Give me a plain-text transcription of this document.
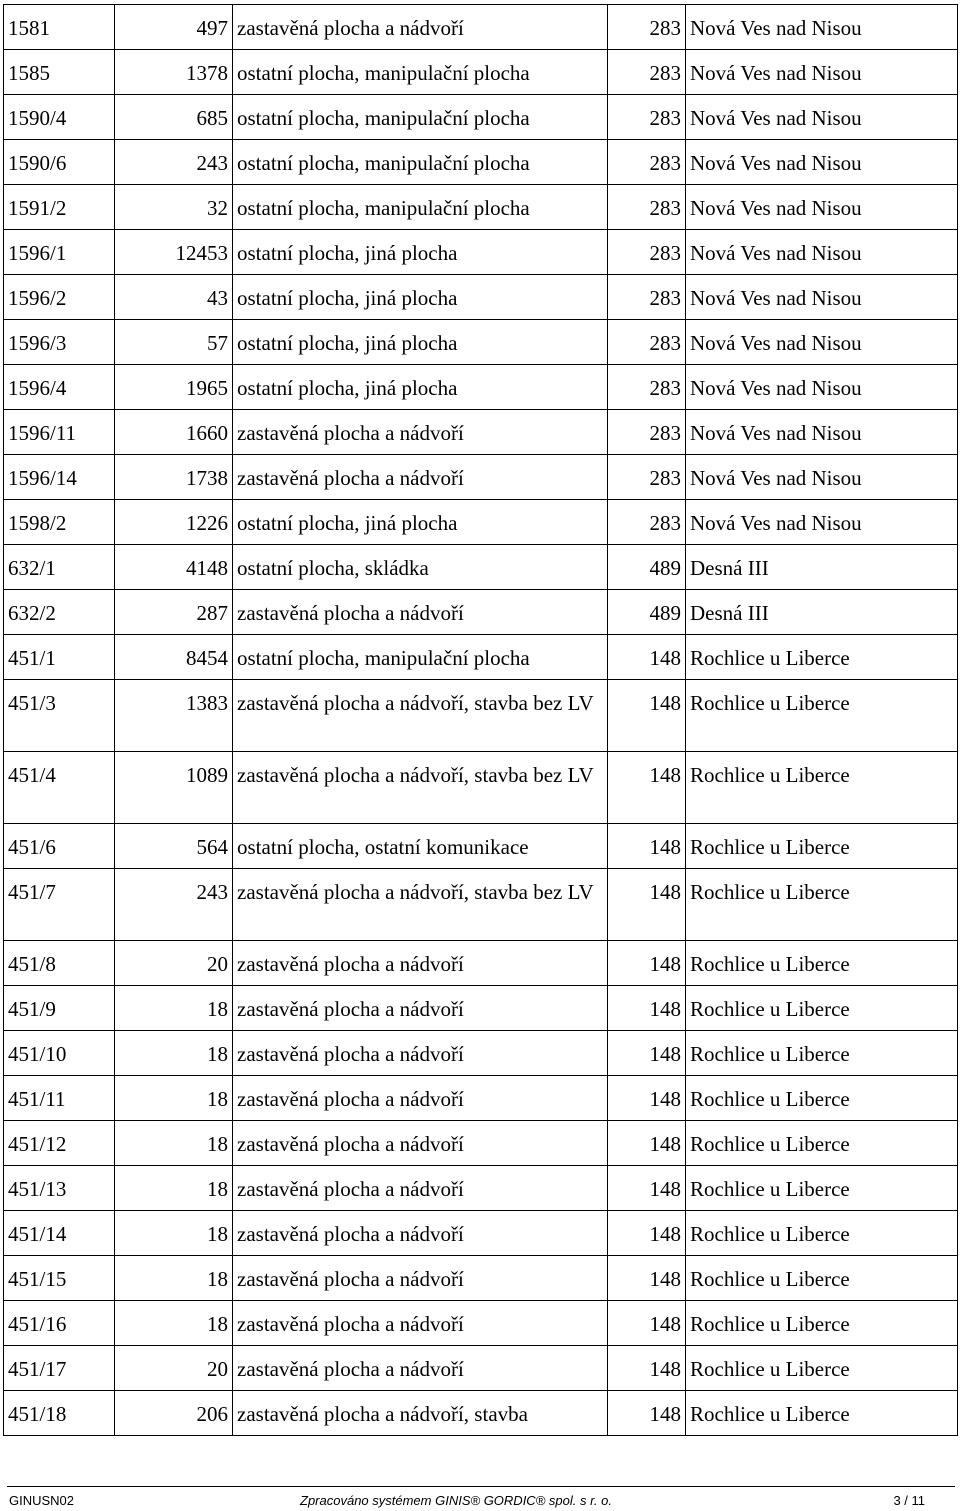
1581	497	zastavěná plocha a nádvoří	283	Nová Ves nad Nisou
1585	1378	ostatní plocha, manipulační plocha	283	Nová Ves nad Nisou
1590/4	685	ostatní plocha, manipulační plocha	283	Nová Ves nad Nisou
1590/6	243	ostatní plocha, manipulační plocha	283	Nová Ves nad Nisou
1591/2	32	ostatní plocha, manipulační plocha	283	Nová Ves nad Nisou
1596/1	12453	ostatní plocha, jiná plocha	283	Nová Ves nad Nisou
1596/2	43	ostatní plocha, jiná plocha	283	Nová Ves nad Nisou
1596/3	57	ostatní plocha, jiná plocha	283	Nová Ves nad Nisou
1596/4	1965	ostatní plocha, jiná plocha	283	Nová Ves nad Nisou
1596/11	1660	zastavěná plocha a nádvoří	283	Nová Ves nad Nisou
1596/14	1738	zastavěná plocha a nádvoří	283	Nová Ves nad Nisou
1598/2	1226	ostatní plocha, jiná plocha	283	Nová Ves nad Nisou
632/1	4148	ostatní plocha, skládka	489	Desná III
632/2	287	zastavěná plocha a nádvoří	489	Desná III
451/1	8454	ostatní plocha, manipulační plocha	148	Rochlice u Liberce
451/3	1383	zastavěná plocha a nádvoří, stavba bez LV	148	Rochlice u Liberce
451/4	1089	zastavěná plocha a nádvoří, stavba bez LV	148	Rochlice u Liberce
451/6	564	ostatní plocha, ostatní komunikace	148	Rochlice u Liberce
451/7	243	zastavěná plocha a nádvoří, stavba bez LV	148	Rochlice u Liberce
451/8	20	zastavěná plocha a nádvoří	148	Rochlice u Liberce
451/9	18	zastavěná plocha a nádvoří	148	Rochlice u Liberce
451/10	18	zastavěná plocha a nádvoří	148	Rochlice u Liberce
451/11	18	zastavěná plocha a nádvoří	148	Rochlice u Liberce
451/12	18	zastavěná plocha a nádvoří	148	Rochlice u Liberce
451/13	18	zastavěná plocha a nádvoří	148	Rochlice u Liberce
451/14	18	zastavěná plocha a nádvoří	148	Rochlice u Liberce
451/15	18	zastavěná plocha a nádvoří	148	Rochlice u Liberce
451/16	18	zastavěná plocha a nádvoří	148	Rochlice u Liberce
451/17	20	zastavěná plocha a nádvoří	148	Rochlice u Liberce
451/18	206	zastavěná plocha a nádvoří, stavba	148	Rochlice u Liberce
GINUSN02	Zpracováno systémem GINIS® GORDIC® spol. s r. o.	3 / 11
